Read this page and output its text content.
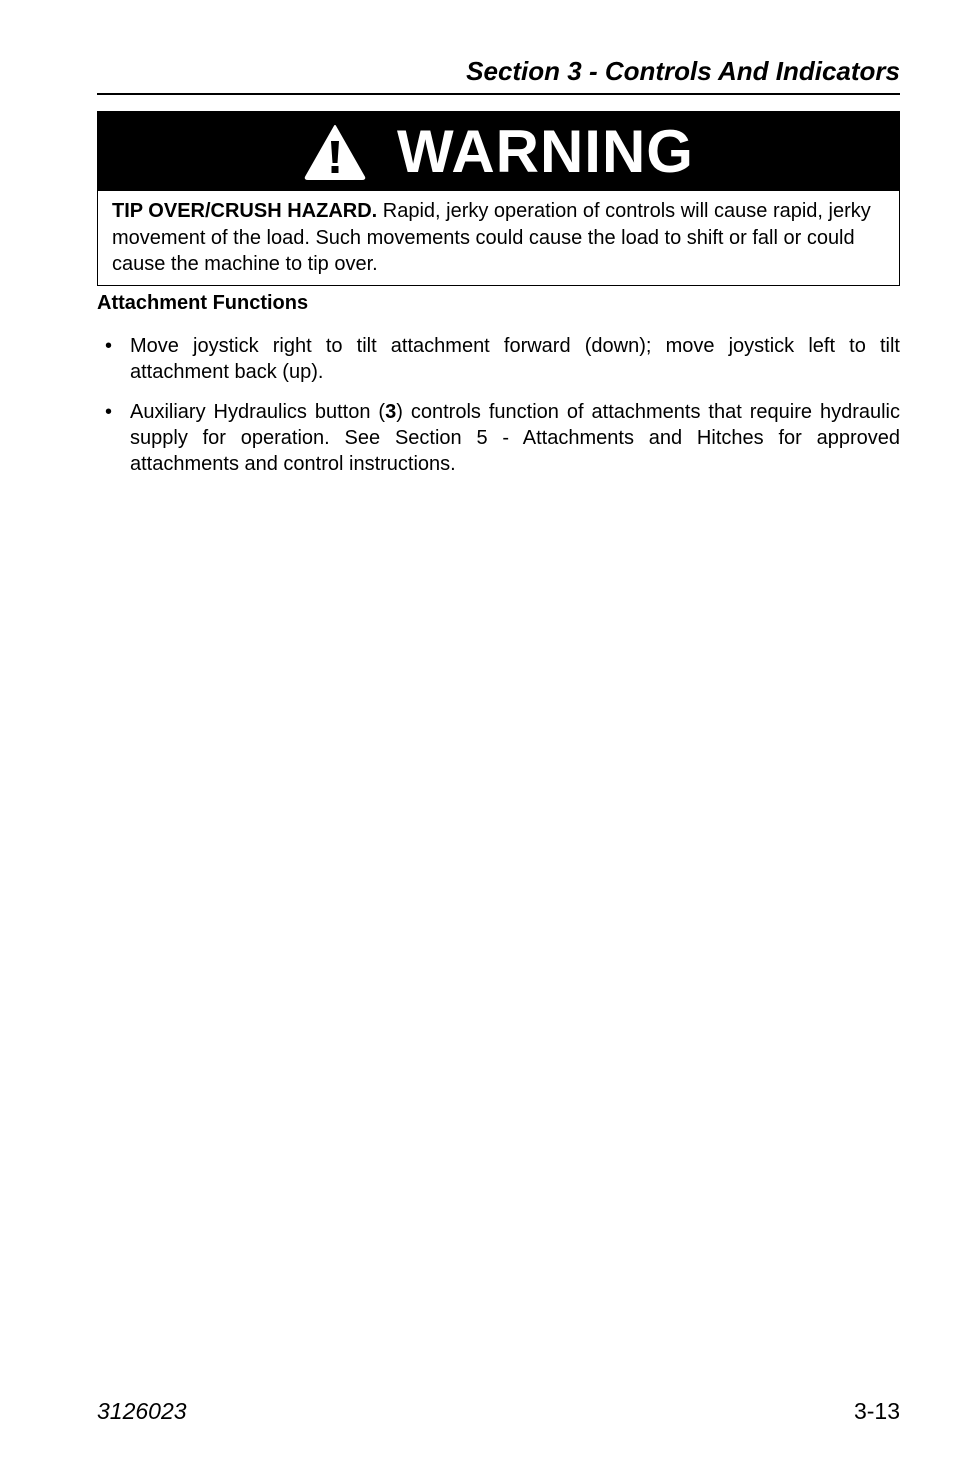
Section 3 - Controls And Indicators
WARNING
TIP OVER/CRUSH HAZARD. Rapid, jerky operation of controls will cause rapid, jerky movement of the load. Such movements could cause the load to shift or fall or could cause the machine to tip over.
Attachment Functions
• Move joystick right to tilt attachment forward (down); move joystick left to tilt attachment back (up).
• Auxiliary Hydraulics button (3) controls function of attachments that require hydraulic supply for operation. See Section 5 - Attachments and Hitches for approved attachments and control instructions.
3126023	3-13
